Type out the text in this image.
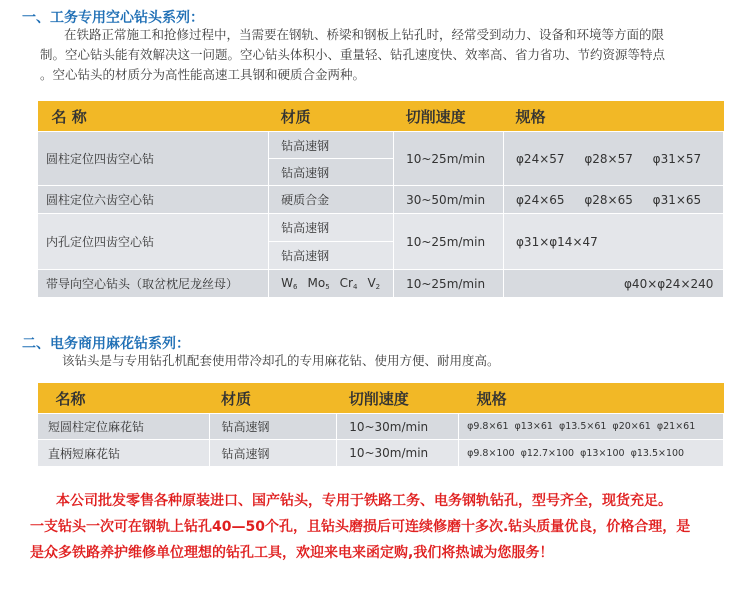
一、工务专用空心钻头系列：

在铁路正常施工和抢修过程中，当需要在钢轨、桥梁和钢板上钻孔时，经常受到动力、设备和环境等方面的限

制。空心钻头能有效解决这一问题。空心钻头体积小、重量轻、钻孔速度快、效率高、省力省功、节约资源等特点

。空心钻头的材质分为高性能高速工具钢和硬质合金两种。

名 称	材质	切削速度	规格
圆柱定位四齿空心钻	钻高速钢	10~25m/min	φ24×57 φ28×57 φ31×57
	钻高速钢		
圆柱定位六齿空心钻	硬质合金	30~50m/min	φ24×65 φ28×65 φ31×65
内孔定位四齿空心钻	钻高速钢	10~25m/min	φ31×φ14×47
	钻高速钢		
带导向空心钻头（取岔枕尼龙丝母）	$W_6$ $Mo_5$ $Cr_4$ $V_2$	10~25m/min	φ40×φ24×240
二、电务商用麻花钻系列：
该钻头是与专用钻孔机配套使用带冷却孔的专用麻花钻、使用方便、耐用度高。
名称	材质	切削速度	规格
短圆柱定位麻花钻	钻高速钢	10~30m/min	φ9.8×61 φ13×61 φ13.5×61 φ20×61 φ21×61
直柄短麻花钻	钻高速钢	10~30m/min	φ9.8×100 φ12.7×100 φ13×100 φ13.5×100

本公司批发零售各种原装进口、国产钻头，专用于铁路工务、电务钢轨钻孔，型号齐全，现货充足。

一支钻头一次可在钢轨上钻孔40—50个孔，且钻头磨损后可连续修磨十多次.钻头质量优良，价格合理，是

是众多铁路养护维修单位理想的钻孔工具，欢迎来电来函定购,我们将热诚为您服务！
